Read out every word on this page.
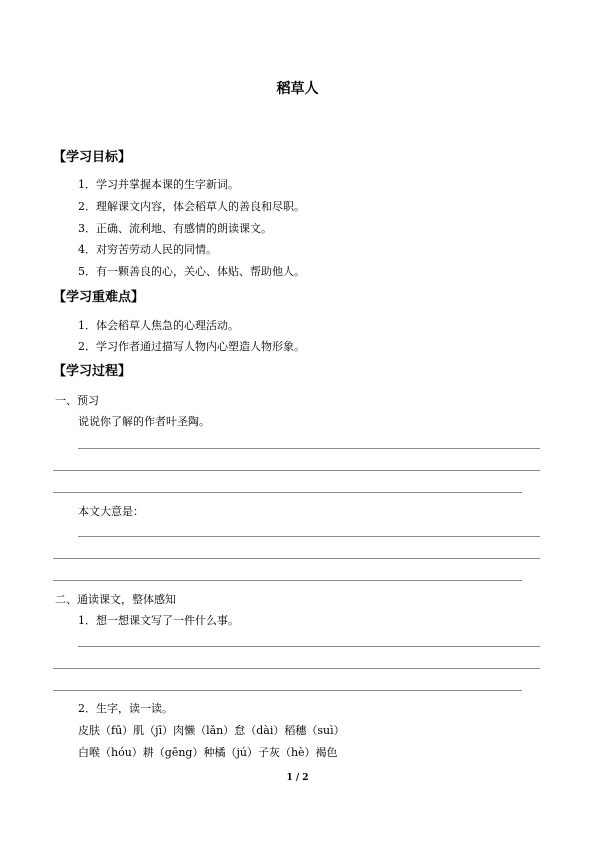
稻草人
【学习目标】
1．学习并掌握本课的生字新词。
2．理解课文内容，体会稻草人的善良和尽职。
3．正确、流利地、有感情的朗读课文。
4．对穷苦劳动人民的同情。
5．有一颗善良的心，关心、体贴、帮助他人。
【学习重难点】
1．体会稻草人焦急的心理活动。
2．学习作者通过描写人物内心塑造人物形象。
【学习过程】
一、预习
说说你了解的作者叶圣陶。
本文大意是：
二、通读课文，整体感知
1．想一想课文写了一件什么事。
2．生字，读一读。
皮肤（fū）肌（jī）肉懒（lǎn）怠（dài）稻穗（suì）
白喉（hóu）耕（gēng）种橘（jú）子灰（hè）褐色
1 / 2
